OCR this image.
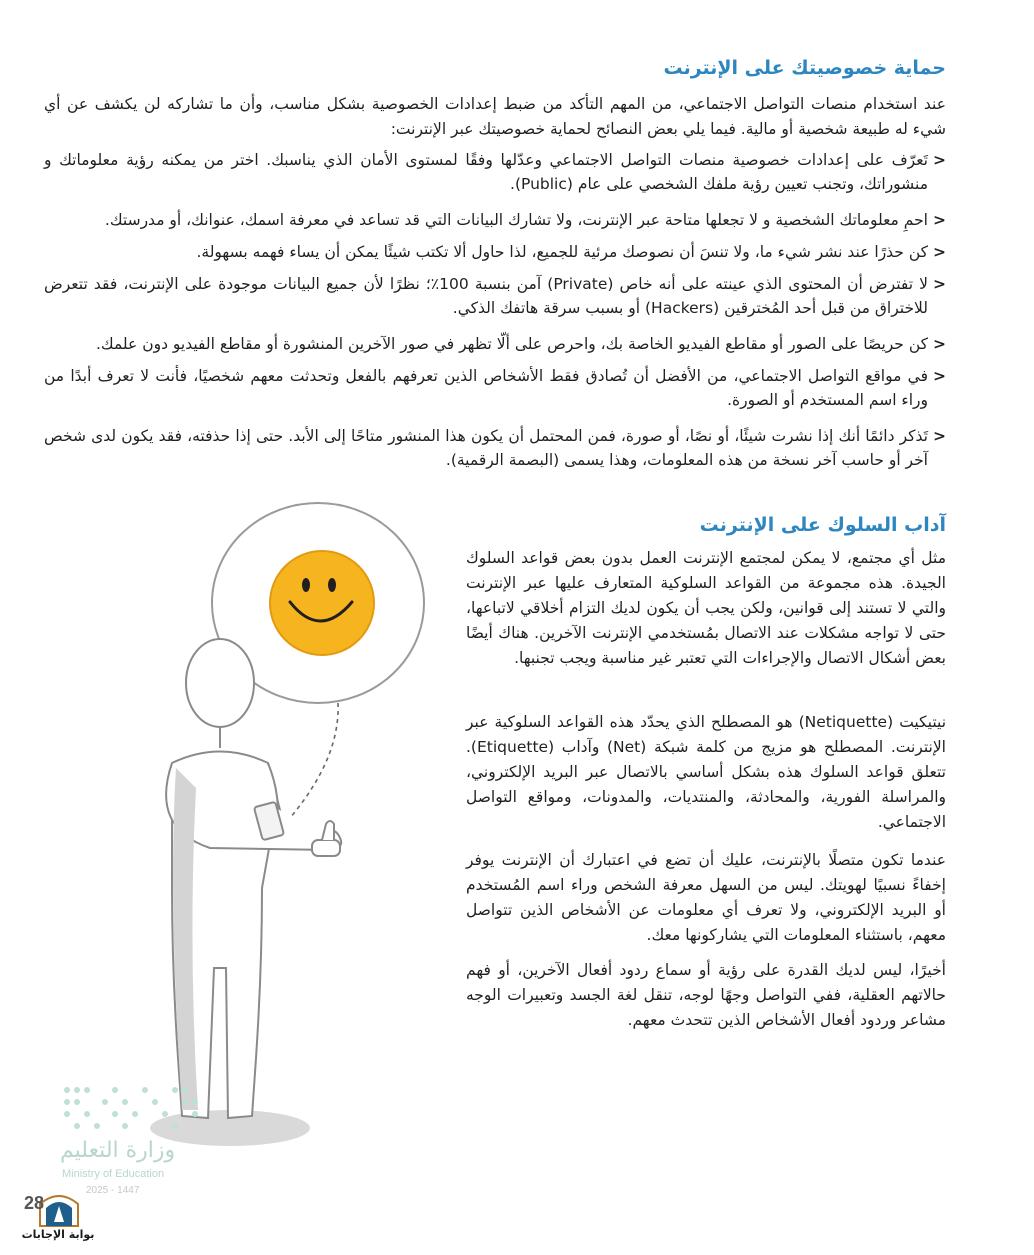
حماية خصوصيتك على الإنترنت

عند استخدام منصات التواصل الاجتماعي، من المهم التأكد من ضبط إعدادات الخصوصية بشكل مناسب، وأن ما تشاركه لن يكشف عن أي شيء له طبيعة شخصية أو مالية. فيما يلي بعض النصائح لحماية خصوصيتك عبر الإنترنت:

< تَعرّف على إعدادات خصوصية منصات التواصل الاجتماعي وعدّلها وفقًا لمستوى الأمان الذي يناسبك. اختر من يمكنه رؤية معلوماتك و منشوراتك، وتجنب تعيين رؤية ملفك الشخصي على عام (Public).
< احمِ معلوماتك الشخصية و لا تجعلها متاحة عبر الإنترنت، ولا تشارك البيانات التي قد تساعد في معرفة اسمك، عنوانك، أو مدرستك.
< كن حذرًا عند نشر شيء ما، ولا تنسَ أن نصوصك مرئية للجميع، لذا حاول ألا تكتب شيئًا يمكن أن يساء فهمه بسهولة.
< لا تفترض أن المحتوى الذي عينته على أنه خاص (Private) آمن بنسبة 100٪؛ نظرًا لأن جميع البيانات موجودة على الإنترنت، فقد تتعرض للاختراق من قبل أحد المُخترقين (Hackers) أو بسبب سرقة هاتفك الذكي.
< كن حريصًا على الصور أو مقاطع الفيديو الخاصة بك، واحرص على ألّا تظهر في صور الآخرين المنشورة أو مقاطع الفيديو دون علمك.
< في مواقع التواصل الاجتماعي، من الأفضل أن تُصادق فقط الأشخاص الذين تعرفهم بالفعل وتحدثت معهم شخصيًا، فأنت لا تعرف أبدًا من وراء اسم المستخدم أو الصورة.
< تَذكر دائمًا أنك إذا نشرت شيئًا، أو نصًا، أو صورة، فمن المحتمل أن يكون هذا المنشور متاحًا إلى الأبد. حتى إذا حذفته، فقد يكون لدى شخص آخر أو حاسب آخر نسخة من هذه المعلومات، وهذا يسمى (البصمة الرقمية).
آداب السلوك على الإنترنت

مثل أي مجتمع، لا يمكن لمجتمع الإنترنت العمل بدون بعض قواعد السلوك الجيدة. هذه مجموعة من القواعد السلوكية المتعارف عليها عبر الإنترنت والتي لا تستند إلى قوانين، ولكن يجب أن يكون لديك التزام أخلاقي لاتباعها، حتى لا تواجه مشكلات عند الاتصال بمُستخدمي الإنترنت الآخرين. هناك أيضًا بعض أشكال الاتصال والإجراءات التي تعتبر غير مناسبة ويجب تجنبها.

نيتيكيت (Netiquette) هو المصطلح الذي يحدّد هذه القواعد السلوكية عبر الإنترنت. المصطلح هو مزيج من كلمة شبكة (Net) وآداب (Etiquette). تتعلق قواعد السلوك هذه بشكل أساسي بالاتصال عبر البريد الإلكتروني، والمراسلة الفورية، والمحادثة، والمنتديات، والمدونات، ومواقع التواصل الاجتماعي.

عندما تكون متصلًا بالإنترنت، عليك أن تضع في اعتبارك أن الإنترنت يوفر إخفاءً نسبيًا لهويتك. ليس من السهل معرفة الشخص وراء اسم المُستخدم أو البريد الإلكتروني، ولا تعرف أي معلومات عن الأشخاص الذين تتواصل معهم، باستثناء المعلومات التي يشاركونها معك.

أخيرًا، ليس لديك القدرة على رؤية أو سماع ردود أفعال الآخرين، أو فهم حالاتهم العقلية، ففي التواصل وجهًا لوجه، تنقل لغة الجسد وتعبيرات الوجه مشاعر وردود أفعال الأشخاص الذين تتحدث معهم.

وزارة التعليم
Ministry of Education
2025 - 1447
28
بوابة الإجابات
